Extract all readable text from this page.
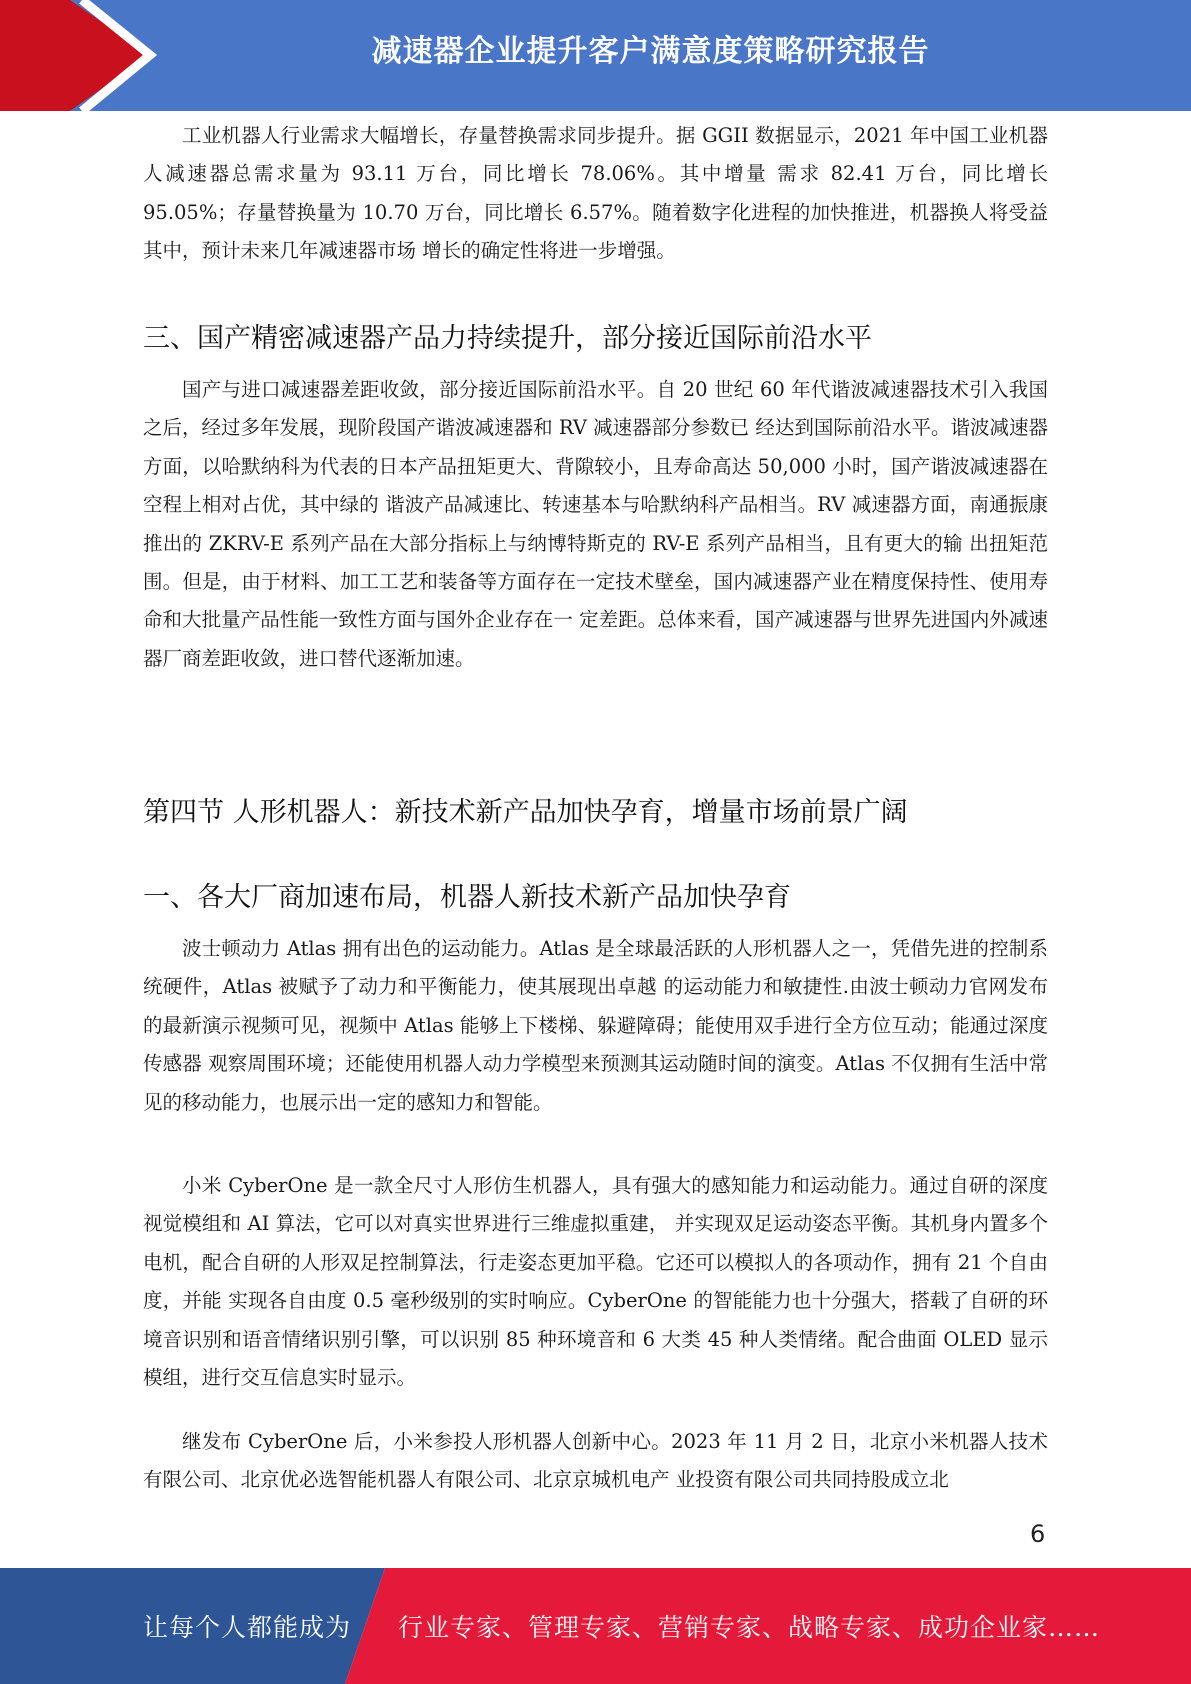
减速器企业提升客户满意度策略研究报告

工业机器人行业需求大幅增长，存量替换需求同步提升。据 GGII 数据显示，2021 年中国工业机器人减速器总需求量为 93.11 万台，同比增长 78.06%。其中增量 需求 82.41 万台，同比增长 95.05%；存量替换量为 10.70 万台，同比增长 6.57%。随着数字化进程的加快推进，机器换人将受益其中，预计未来几年减速器市场 增长的确定性将进一步增强。

三、国产精密减速器产品力持续提升，部分接近国际前沿水平

国产与进口减速器差距收敛，部分接近国际前沿水平。自 20 世纪 60 年代谐波减速器技术引入我国之后，经过多年发展，现阶段国产谐波减速器和 RV 减速器部分参数已 经达到国际前沿水平。谐波减速器方面，以哈默纳科为代表的日本产品扭矩更大、背隙较小，且寿命高达 50,000 小时，国产谐波减速器在空程上相对占优，其中绿的 谐波产品减速比、转速基本与哈默纳科产品相当。RV 减速器方面，南通振康推出的 ZKRV-E 系列产品在大部分指标上与纳博特斯克的 RV-E 系列产品相当，且有更大的输 出扭矩范围。但是，由于材料、加工工艺和装备等方面存在一定技术壁垒，国内减速器产业在精度保持性、使用寿命和大批量产品性能一致性方面与国外企业存在一 定差距。总体来看，国产减速器与世界先进国内外减速器厂商差距收敛，进口替代逐渐加速。

第四节 人形机器人：新技术新产品加快孕育，增量市场前景广阔
一、各大厂商加速布局，机器人新技术新产品加快孕育

波士顿动力 Atlas 拥有出色的运动能力。Atlas 是全球最活跃的人形机器人之一，凭借先进的控制系统硬件，Atlas 被赋予了动力和平衡能力，使其展现出卓越 的运动能力和敏捷性.由波士顿动力官网发布的最新演示视频可见，视频中 Atlas 能够上下楼梯、躲避障碍；能使用双手进行全方位互动；能通过深度传感器 观察周围环境；还能使用机器人动力学模型来预测其运动随时间的演变。Atlas 不仅拥有生活中常见的移动能力，也展示出一定的感知力和智能。

小米 CyberOne 是一款全尺寸人形仿生机器人，具有强大的感知能力和运动能力。通过自研的深度视觉模组和 AI 算法，它可以对真实世界进行三维虚拟重建， 并实现双足运动姿态平衡。其机身内置多个电机，配合自研的人形双足控制算法，行走姿态更加平稳。它还可以模拟人的各项动作，拥有 21 个自由度，并能 实现各自由度 0.5 毫秒级别的实时响应。CyberOne 的智能能力也十分强大，搭载了自研的环境音识别和语音情绪识别引擎，可以识别 85 种环境音和 6 大类 45 种人类情绪。配合曲面 OLED 显示模组，进行交互信息实时显示。

继发布 CyberOne 后，小米参投人形机器人创新中心。2023 年 11 月 2 日，北京小米机器人技术有限公司、北京优必选智能机器人有限公司、北京京城机电产 业投资有限公司共同持股成立北

6
让每个人都能成为 行业专家、管理专家、营销专家、战略专家、成功企业家……
